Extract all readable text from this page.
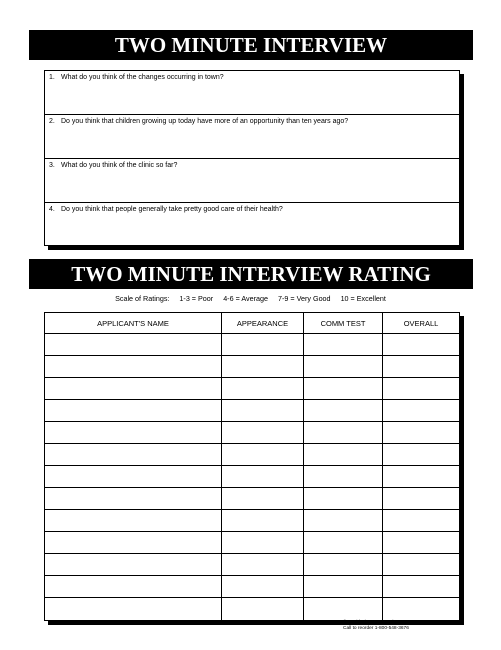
TWO MINUTE INTERVIEW
1. What do you think of the changes occurring in town?
2. Do you think that children growing up today have more of an opportunity than ten years ago?
3. What do you think of the clinic so far?
4. Do you think that people generally take pretty good care of their health?
TWO MINUTE INTERVIEW RATING
Scale of Ratings: 1-3 = Poor 4-6 = Average 7-9 = Very Good 10 = Excellent
APPLICANT'S NAME	APPEARANCE	COMM TEST	OVERALL
© David Singer Enterprises
Call to reorder 1-800-548-3676
Item #144A
